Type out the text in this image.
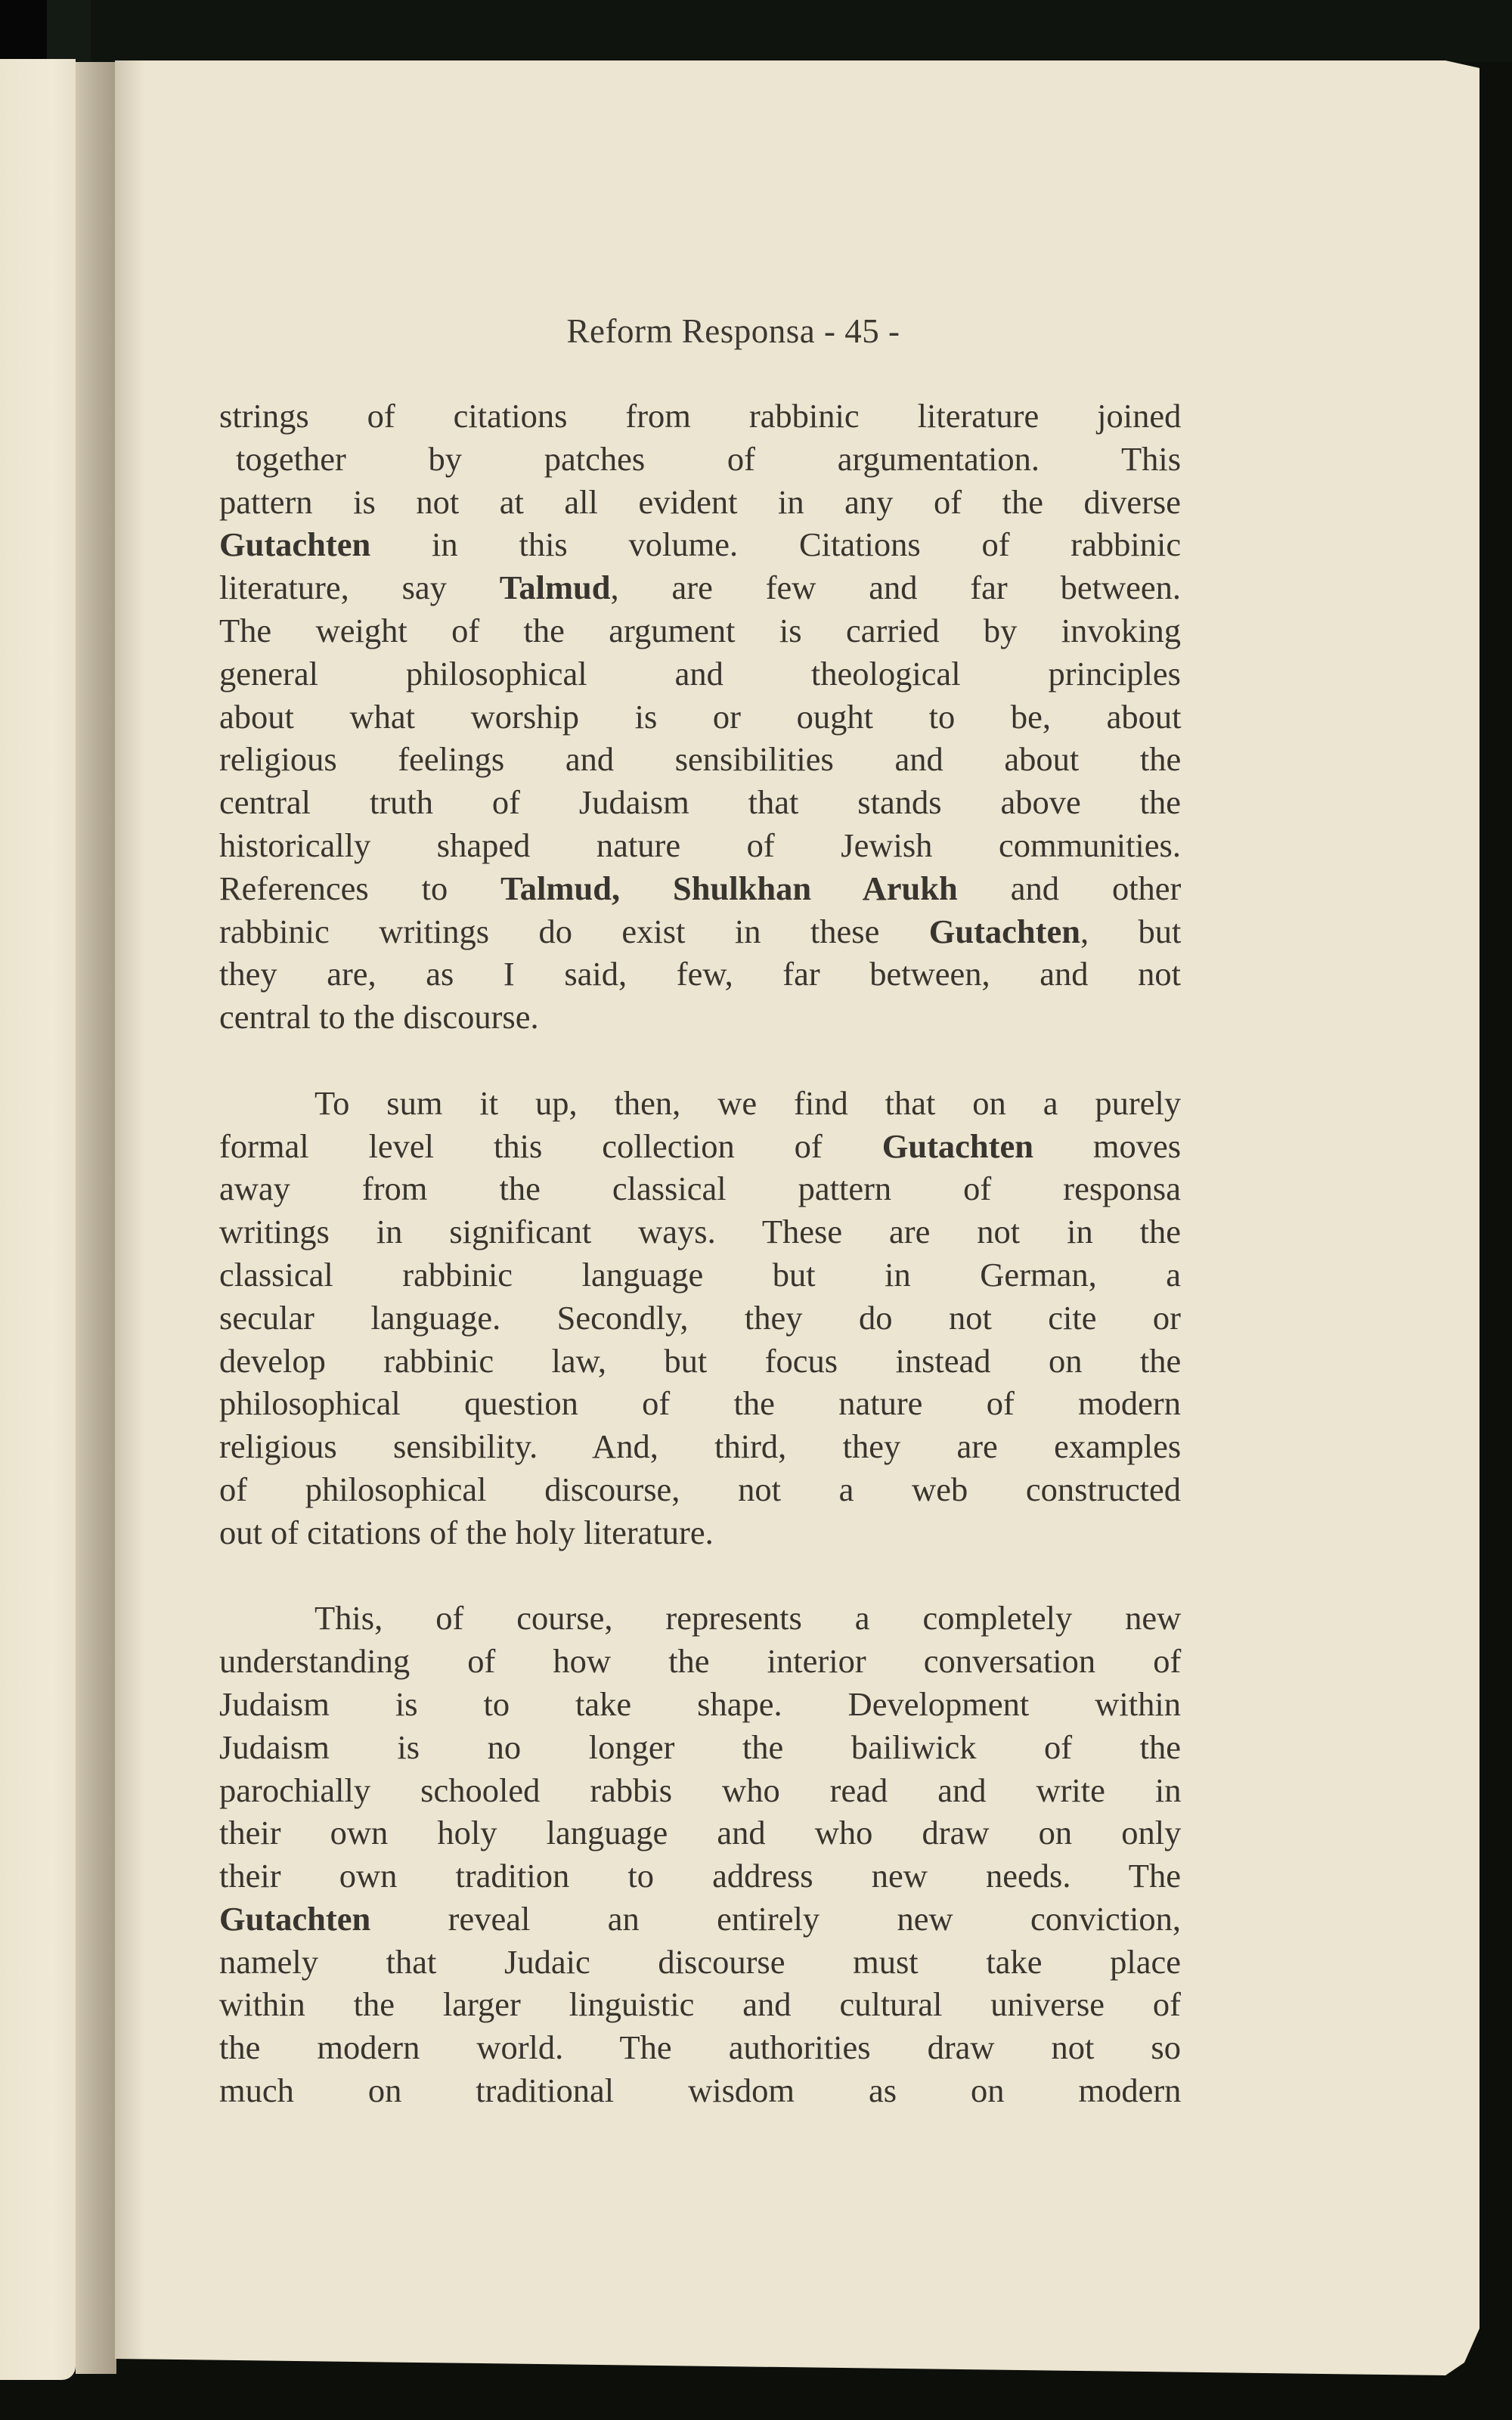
Reform Responsa - 45 -
strings of citations from rabbinic literature joined
together by patches of argumentation. This
pattern is not at all evident in any of the diverse
Gutachten in this volume. Citations of rabbinic
literature, say Talmud, are few and far between.
The weight of the argument is carried by invoking
general philosophical and theological principles
about what worship is or ought to be, about
religious feelings and sensibilities and about the
central truth of Judaism that stands above the
historically shaped nature of Jewish communities.
References to Talmud, Shulkhan Arukh and other
rabbinic writings do exist in these Gutachten, but
they are, as I said, few, far between, and not
central to the discourse.
To sum it up, then, we find that on a purely
formal level this collection of Gutachten moves
away from the classical pattern of responsa
writings in significant ways. These are not in the
classical rabbinic language but in German, a
secular language. Secondly, they do not cite or
develop rabbinic law, but focus instead on the
philosophical question of the nature of modern
religious sensibility. And, third, they are examples
of philosophical discourse, not a web constructed
out of citations of the holy literature.
This, of course, represents a completely new
understanding of how the interior conversation of
Judaism is to take shape. Development within
Judaism is no longer the bailiwick of the
parochially schooled rabbis who read and write in
their own holy language and who draw on only
their own tradition to address new needs. The
Gutachten reveal an entirely new conviction,
namely that Judaic discourse must take place
within the larger linguistic and cultural universe of
the modern world. The authorities draw not so
much on traditional wisdom as on modern
